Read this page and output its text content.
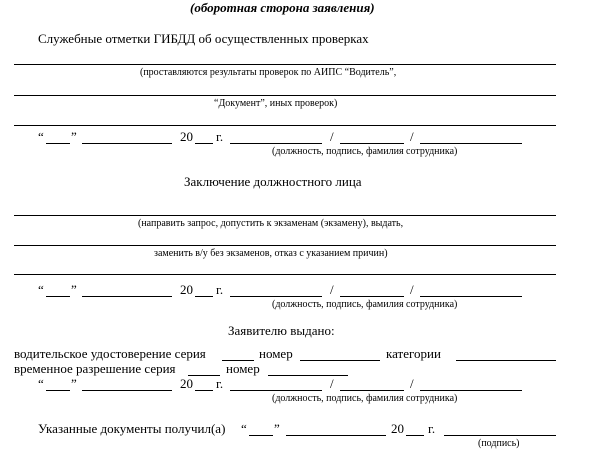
(оборотная сторона заявления)
Служебные отметки ГИБДД об осуществленных проверках
(проставляются результаты проверок по АИПС “Водитель”,
“Документ”, иных проверок)
“ ”	20 г.	/	/
(должность, подпись, фамилия сотрудника)
Заключение должностного лица
(направить запрос, допустить к экзаменам (экзамену), выдать,
заменить в/у без экзаменов, отказ с указанием причин)
“ ”	20 г.	/	/
(должность, подпись, фамилия сотрудника)
Заявителю выдано:
водительское удостоверение серия	номер	категории
временное разрешение серия	номер
“ ”	20 г.	/	/
(должность, подпись, фамилия сотрудника)
Указанные документы получил(а) “ ”	20 г.
(подпись)
